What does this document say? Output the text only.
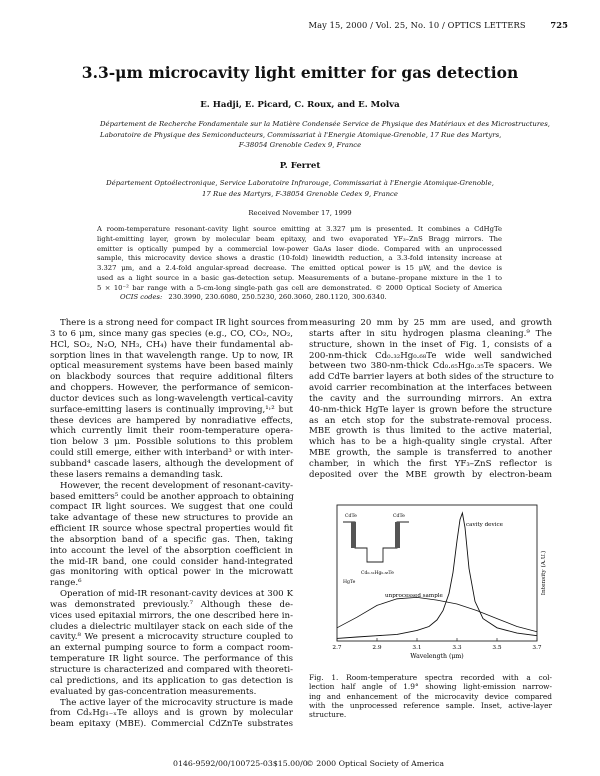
May 15, 2000 / Vol. 25, No. 10 / OPTICS LETTERS	725
3.3-μm microcavity light emitter for gas detection
E. Hadji, E. Picard, C. Roux, and E. Molva
Département de Recherche Fondamentale sur la Matière Condensée Service de Physique des Matériaux et des Microstructures,
Laboratoire de Physique des Semiconducteurs, Commissariat à l'Energie Atomique-Grenoble, 17 Rue des Martyrs,
F-38054 Grenoble Cedex 9, France
P. Ferret
Département Optoélectronique, Service Laboratoire Infrarouge, Commissariat à l'Energie Atomique-Grenoble,
17 Rue des Martyrs, F-38054 Grenoble Cedex 9, France
Received November 17, 1999
A room-temperature resonant-cavity light source emitting at 3.327 μm is presented. It combines a CdHgTe
light-emitting layer, grown by molecular beam epitaxy, and two evaporated YF₃–ZnS Bragg mirrors. The
emitter is optically pumped by a commercial low-power GaAs laser diode. Compared with an unprocessed
sample, this microcavity device shows a drastic (10-fold) linewidth reduction, a 3.3-fold intensity increase at
3.327 μm, and a 2.4-fold angular-spread decrease. The emitted optical power is 15 μW, and the device is
used as a light source in a basic gas-detection setup. Measurements of a butane–propane mixture in the 1 to
5 × 10⁻² bar range with a 5-cm-long single-path gas cell are demonstrated. © 2000 Optical Society of America
OCIS codes: 230.3990, 230.6080, 250.5230, 260.3060, 280.1120, 300.6340.
There is a strong need for compact IR light sources from
3 to 6 μm, since many gas species (e.g., CO, CO₂, NO₂,
HCl, SO₂, N₂O, NH₃, CH₄) have their fundamental ab-
sorption lines in that wavelength range. Up to now, IR
optical measurement systems have been based mainly
on blackbody sources that require additional filters
and choppers. However, the performance of semicon-
ductor devices such as long-wavelength vertical-cavity
surface-emitting lasers is continually improving,¹˒² but
these devices are hampered by nonradiative effects,
which currently limit their room-temperature opera-
tion below 3 μm. Possible solutions to this problem
could still emerge, either with interband³ or with inter-
subband⁴ cascade lasers, although the development of
these lasers remains a demanding task.
However, the recent development of resonant-cavity-
based emitters⁵ could be another approach to obtaining
compact IR light sources. We suggest that one could
take advantage of these new structures to provide an
efficient IR source whose spectral properties would fit
the absorption band of a specific gas. Then, taking
into account the level of the absorption coefficient in
the mid-IR band, one could consider hand-integrated
gas monitoring with optical power in the microwatt
range.⁶
Operation of mid-IR resonant-cavity devices at 300 K
was demonstrated previously.⁷ Although these de-
vices used epitaxial mirrors, the one described here in-
cludes a dielectric multilayer stack on each side of the
cavity.⁸ We present a microcavity structure coupled to
an external pumping source to form a compact room-
temperature IR light source. The performance of this
structure is characterized and compared with theoreti-
cal predictions, and its application to gas detection is
evaluated by gas-concentration measurements.
The active layer of the microcavity structure is made
from CdₓHg₁₋ₓTe alloys and is grown by molecular
beam epitaxy (MBE). Commercial CdZnTe substrates
measuring 20 mm by 25 mm are used, and growth
starts after in situ hydrogen plasma cleaning.⁹ The
structure, shown in the inset of Fig. 1, consists of a
200-nm-thick Cd₀.₃₂Hg₀.₆₈Te wide well sandwiched
between two 380-nm-thick Cd₀.₆₅Hg₀.₃₅Te spacers. We
add CdTe barrier layers at both sides of the structure to
avoid carrier recombination at the interfaces between
the cavity and the surrounding mirrors. An extra
40-nm-thick HgTe layer is grown before the structure
as an etch stop for the substrate-removal process.
MBE growth is thus limited to the active material,
which has to be a high-quality single crystal. After
MBE growth, the sample is transferred to another
chamber, in which the first YF₃–ZnS reflector is
deposited over the MBE growth by electron-beam
CdTe	CdTe
HgTe
Cd₀.₃₂Hg₀.₆₈Te
cavity device
unprocessed sample
2.7	2.9	3.1	3.3	3.5	3.7
Wavelength (μm)
Intensity (A.U.)
Fig. 1. Room-temperature spectra recorded with a col-
lection half angle of 1.9° showing light-emission narrow-
ing and enhancement of the microcavity device compared
with the unprocessed reference sample. Inset, active-layer
structure.
0146-9592/00/100725-03$15.00/0
© 2000 Optical Society of America
